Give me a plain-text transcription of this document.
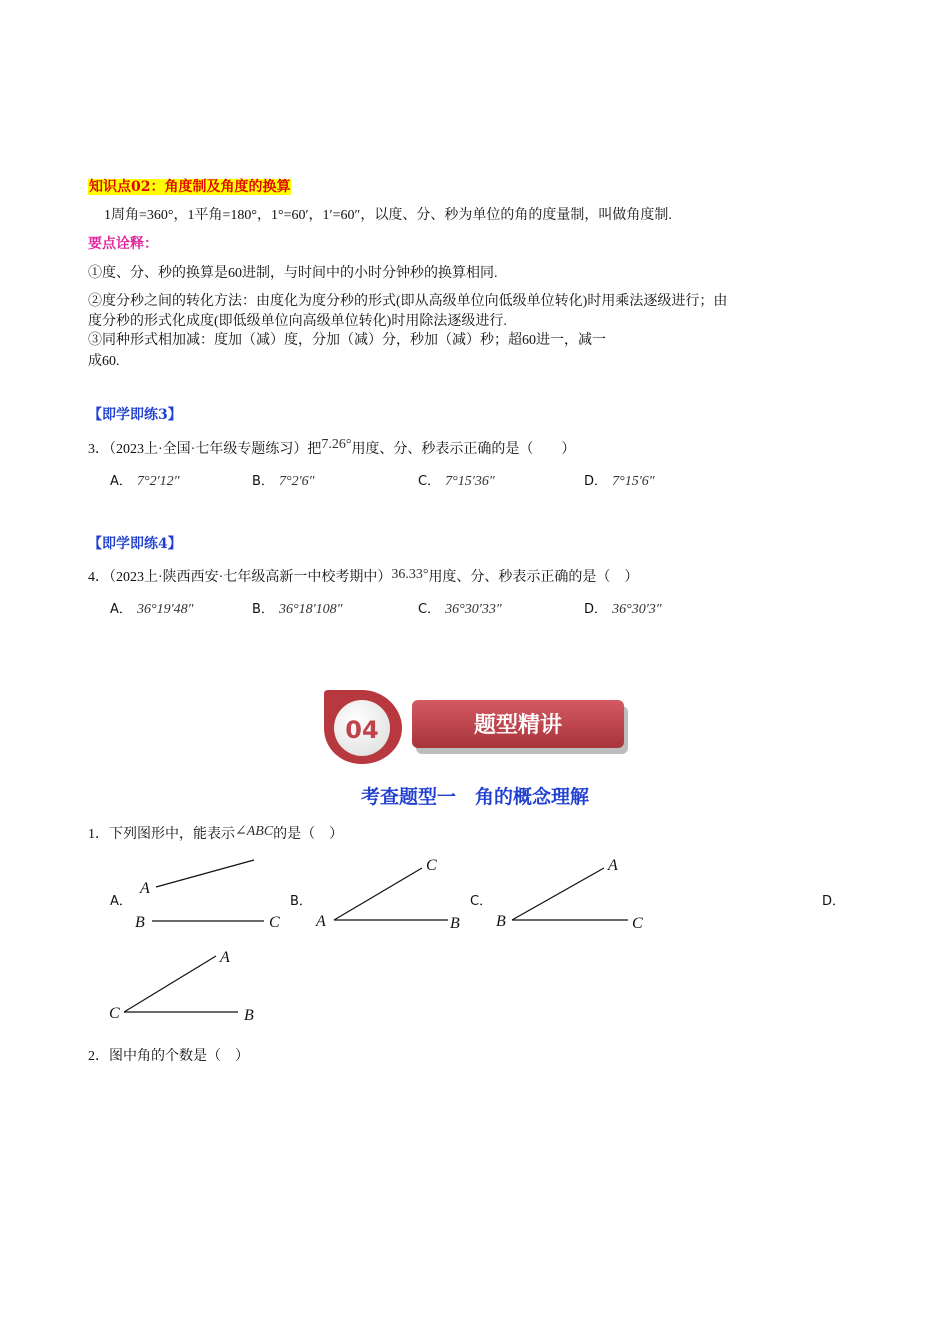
知识点02：角度制及角度的换算
1周角=360°，1平角=180°，1°=60′，1′=60″，以度、分、秒为单位的角的度量制，叫做角度制.
要点诠释：
①度、分、秒的换算是60进制，与时间中的小时分钟秒的换算相同.
②度分秒之间的转化方法：由度化为度分秒的形式(即从高级单位向低级单位转化)时用乘法逐级进行；由
度分秒的形式化成度(即低级单位向高级单位转化)时用除法逐级进行.
③同种形式相加减：度加（减）度，分加（减）分，秒加（减）秒；超60进一，减一
成60.
【即学即练3】
3．（2023上·全国·七年级专题练习）把7.26°用度、分、秒表示正确的是（　　）
A． 7°2′12″	B． 7°2′6″	C． 7°15′36″	D． 7°15′6″
【即学即练4】
4．（2023上·陕西西安·七年级高新一中校考期中）36.33°用度、分、秒表示正确的是（　）
A． 36°19′48″	B． 36°18′108″	C． 36°30′33″	D． 36°30′3″
04	题型精讲
考查题型一　角的概念理解
1．下列图形中，能表示∠ABC的是（　）
A．	B．	C．	D．
A
B	C
C
A	B
A
B	C
A
C	B
2．图中角的个数是（　）
